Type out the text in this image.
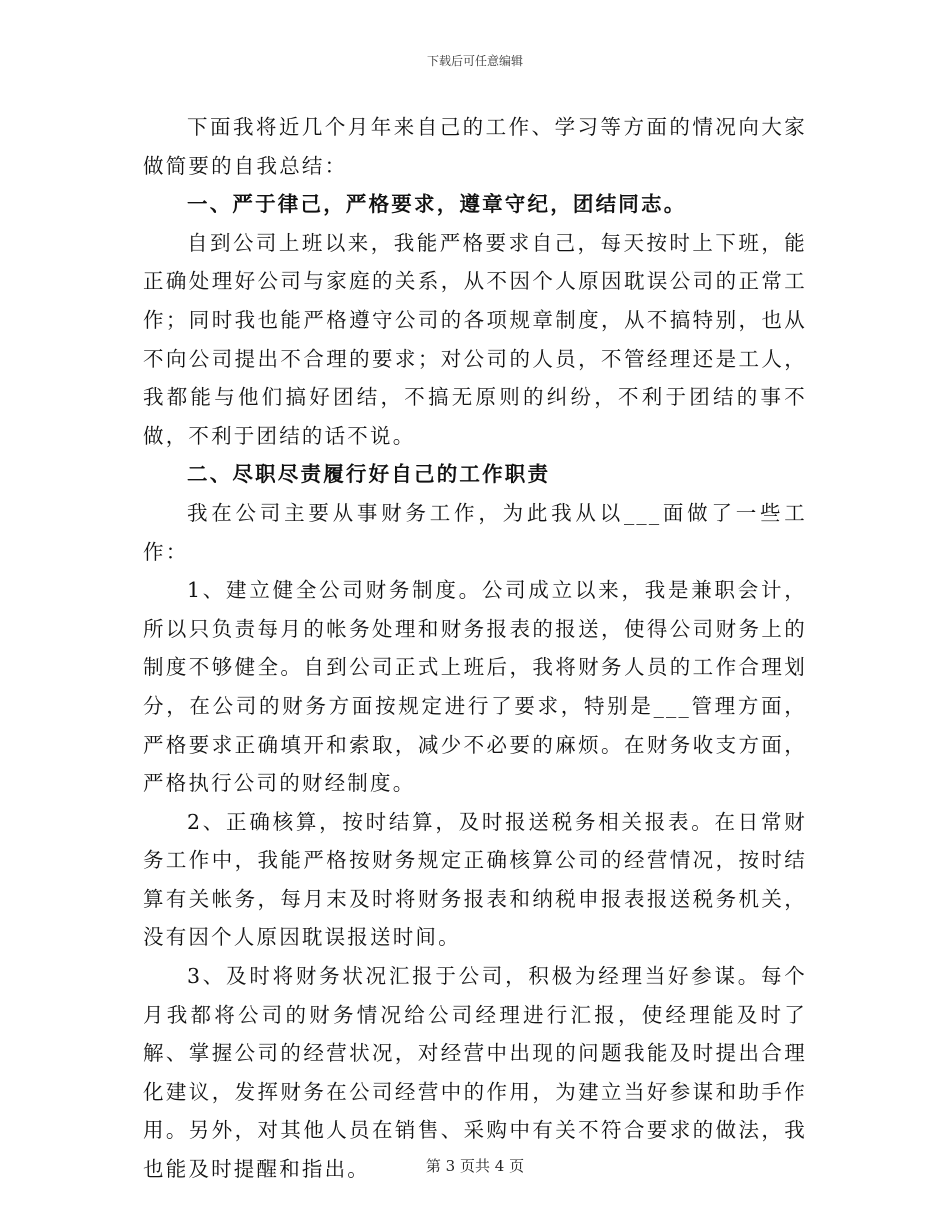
下载后可任意编辑

下面我将近几个月年来自己的工作、学习等方面的情况向大家做简要的自我总结：

一、严于律己，严格要求，遵章守纪，团结同志。

自到公司上班以来，我能严格要求自己，每天按时上下班，能正确处理好公司与家庭的关系，从不因个人原因耽误公司的正常工作；同时我也能严格遵守公司的各项规章制度，从不搞特别，也从不向公司提出不合理的要求；对公司的人员，不管经理还是工人，我都能与他们搞好团结，不搞无原则的纠纷，不利于团结的事不做，不利于团结的话不说。

二、尽职尽责履行好自己的工作职责

我在公司主要从事财务工作，为此我从以___面做了一些工作：

1、建立健全公司财务制度。公司成立以来，我是兼职会计，所以只负责每月的帐务处理和财务报表的报送，使得公司财务上的制度不够健全。自到公司正式上班后，我将财务人员的工作合理划分，在公司的财务方面按规定进行了要求，特别是___管理方面，严格要求正确填开和索取，减少不必要的麻烦。在财务收支方面，严格执行公司的财经制度。

2、正确核算，按时结算，及时报送税务相关报表。在日常财务工作中，我能严格按财务规定正确核算公司的经营情况，按时结算有关帐务，每月末及时将财务报表和纳税申报表报送税务机关，没有因个人原因耽误报送时间。

3、及时将财务状况汇报于公司，积极为经理当好参谋。每个月我都将公司的财务情况给公司经理进行汇报，使经理能及时了解、掌握公司的经营状况，对经营中出现的问题我能及时提出合理化建议，发挥财务在公司经营中的作用，为建立当好参谋和助手作用。另外，对其他人员在销售、采购中有关不符合要求的做法，我也能及时提醒和指出。	第 3 页共 4 页
